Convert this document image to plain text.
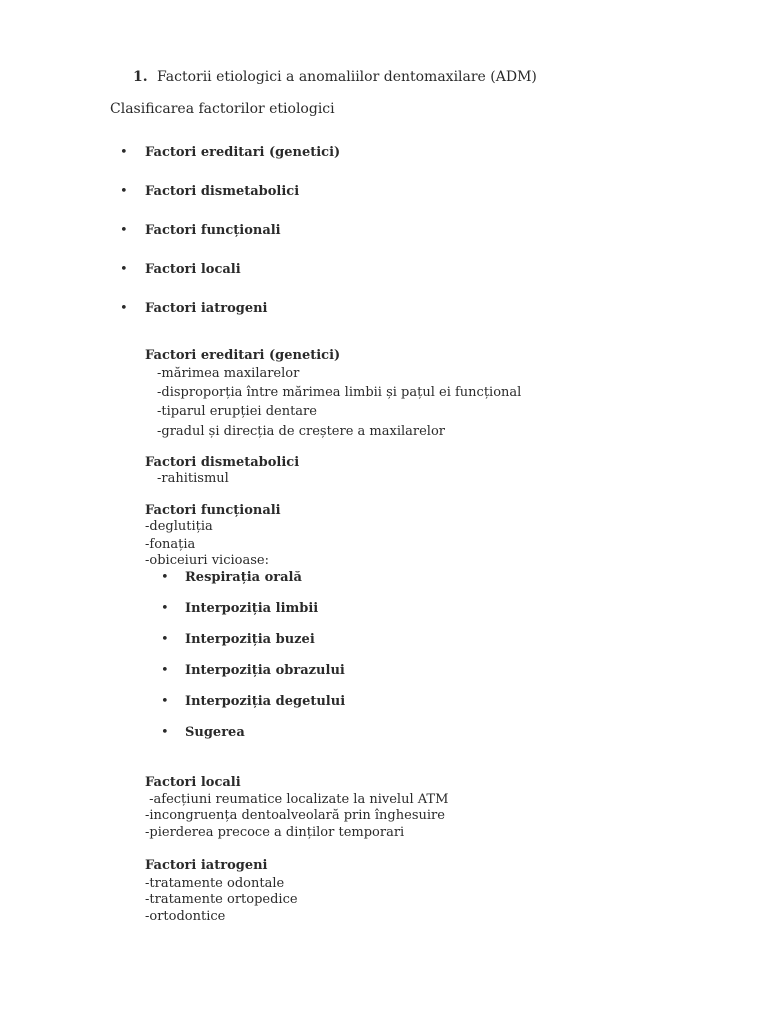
1. Factorii etiologici a anomaliilor dentomaxilare (ADM)
Clasificarea factorilor etiologici
• Factori ereditari (genetici)
• Factori dismetabolici
• Factori funcționali
• Factori locali
• Factori iatrogeni
Factori ereditari (genetici)
-mărimea maxilarelor
-disproporția între mărimea limbii și pațul ei funcțional
-tiparul erupției dentare
-gradul și direcția de creștere a maxilarelor
Factori dismetabolici
-rahitismul
Factori funcționali
-deglutiția
-fonația
-obiceiuri vicioase:
• Respirația orală
• Interpoziția limbii
• Interpoziția buzei
• Interpoziția obrazului
• Interpoziția degetului
• Sugerea
Factori locali
-afecțiuni reumatice localizate la nivelul ATM
-incongruența dentoalveolară prin înghesuire
-pierderea precoce a dinților temporari
Factori iatrogeni
-tratamente odontale
-tratamente ortopedice
-ortodontice
